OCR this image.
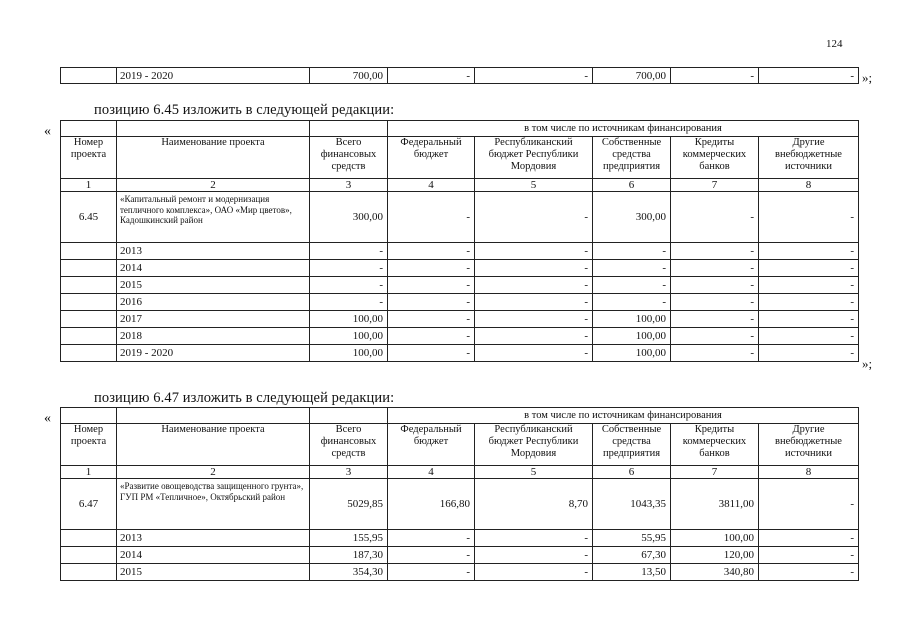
124
	2019 - 2020	700,00	-	-	700,00	-	- »;
позицию 6.45 изложить в следующей редакции:
«
				в том числе по источникам финансирования				
Номер проекта	Наименование проекта	Всего финансовых средств	Федеральный бюджет	Республиканский бюджет Республики Мордовия	Собственные средства предприятия	Кредиты коммерческих банков	Другие внебюджетные источники
1	2	3	4	5	6	7	8
6.45	«Капитальный ремонт и модернизация тепличного комплекса», ОАО «Мир цветов», Кадошкинский район	300,00	-	-	300,00	-	-
	2013	-	-	-	-	-	-
	2014	-	-	-	-	-	-
	2015	-	-	-	-	-	-
	2016	-	-	-	-	-	-
	2017	100,00	-	-	100,00	-	-
	2018	100,00	-	-	100,00	-	-
	2019 - 2020	100,00	-	-	100,00	-	-
»;
позицию 6.47 изложить в следующей редакции:
«
				в том числе по источникам финансирования				
Номер проекта	Наименование проекта	Всего финансовых средств	Федеральный бюджет	Республиканский бюджет Республики Мордовия	Собственные средства предприятия	Кредиты коммерческих банков	Другие внебюджетные источники
1	2	3	4	5	6	7	8
6.47	«Развитие овощеводства защищенного грунта», ГУП РМ «Тепличное», Октябрьский район	5029,85	166,80	8,70	1043,35	3811,00	-
	2013	155,95	-	-	55,95	100,00	-
	2014	187,30	-	-	67,30	120,00	-
	2015	354,30	-	-	13,50	340,80	-
